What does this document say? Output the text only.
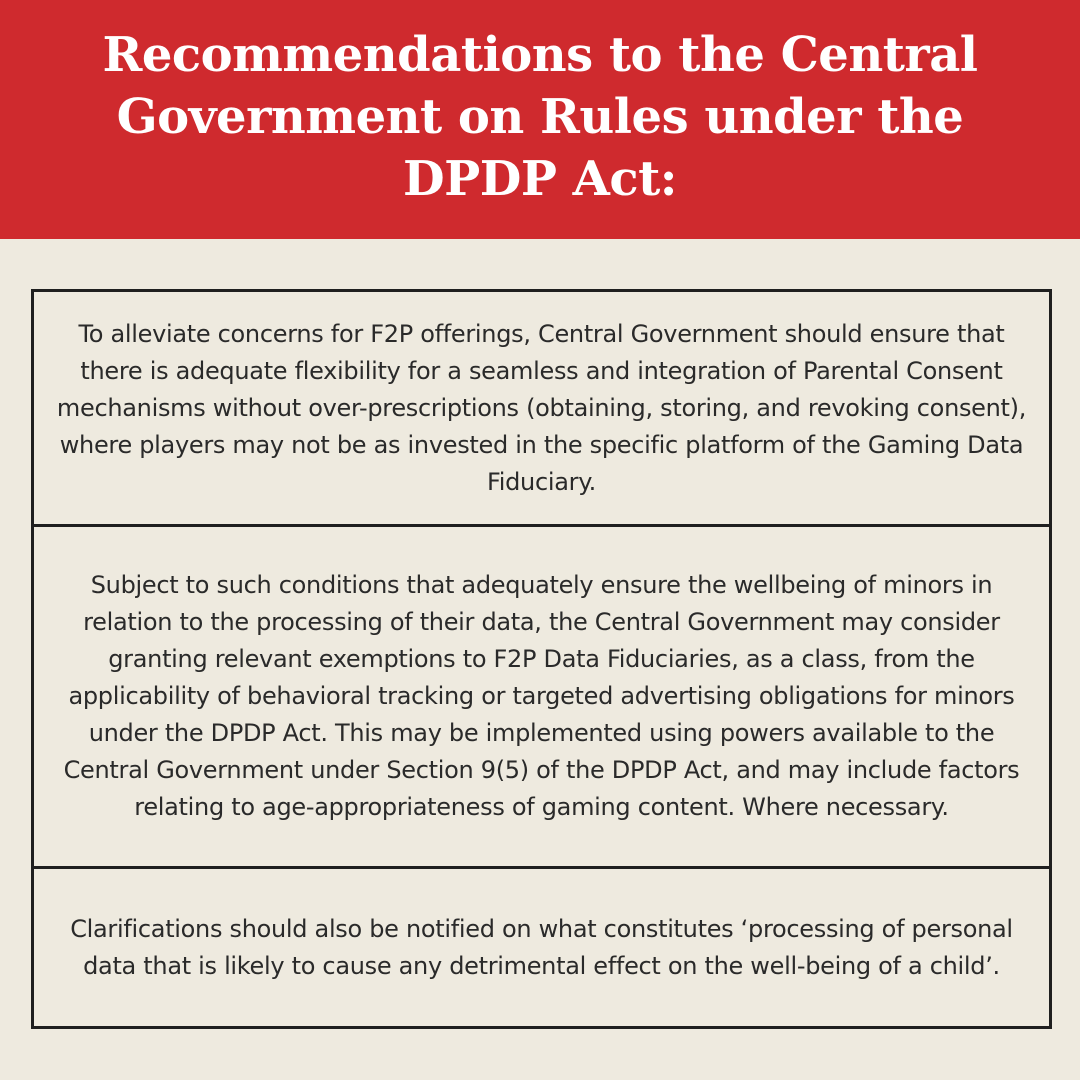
Recommendations to the Central Government on Rules under the DPDP Act:

To alleviate concerns for F2P offerings, Central Government should ensure that there is adequate flexibility for a seamless and integration of Parental Consent mechanisms without over-prescriptions (obtaining, storing, and revoking consent), where players may not be as invested in the specific platform of the Gaming Data Fiduciary.

Subject to such conditions that adequately ensure the wellbeing of minors in relation to the processing of their data, the Central Government may consider granting relevant exemptions to F2P Data Fiduciaries, as a class, from the applicability of behavioral tracking or targeted advertising obligations for minors under the DPDP Act. This may be implemented using powers available to the Central Government under Section 9(5) of the DPDP Act, and may include factors relating to age-appropriateness of gaming content. Where necessary.

Clarifications should also be notified on what constitutes ‘processing of personal data that is likely to cause any detrimental effect on the well-being of a child’.
